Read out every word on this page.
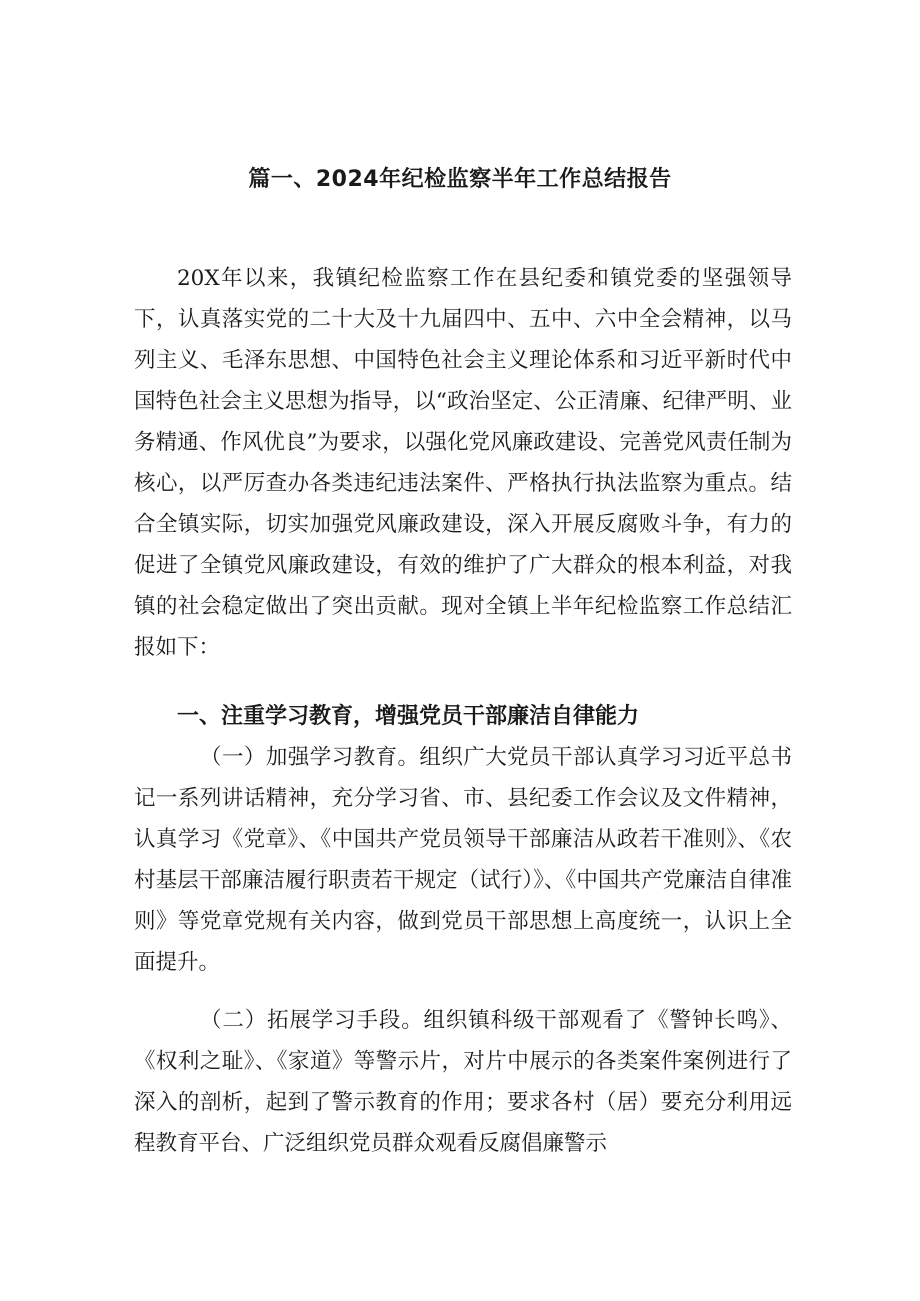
篇一、2024年纪检监察半年工作总结报告

20X年以来，我镇纪检监察工作在县纪委和镇党委的坚强领导下，认真落实党的二十大及十九届四中、五中、六中全会精神，以马列主义、毛泽东思想、中国特色社会主义理论体系和习近平新时代中国特色社会主义思想为指导，以“政治坚定、公正清廉、纪律严明、业务精通、作风优良”为要求，以强化党风廉政建设、完善党风责任制为核心，以严厉查办各类违纪违法案件、严格执行执法监察为重点。结合全镇实际，切实加强党风廉政建设，深入开展反腐败斗争，有力的促进了全镇党风廉政建设，有效的维护了广大群众的根本利益，对我镇的社会稳定做出了突出贡献。现对全镇上半年纪检监察工作总结汇报如下：

一、注重学习教育，增强党员干部廉洁自律能力

（一）加强学习教育。组织广大党员干部认真学习习近平总书记一系列讲话精神，充分学习省、市、县纪委工作会议及文件精神，认真学习《党章》、《中国共产党员领导干部廉洁从政若干准则》、《农村基层干部廉洁履行职责若干规定（试行）》、《中国共产党廉洁自律准则》等党章党规有关内容，做到党员干部思想上高度统一，认识上全面提升。

（二）拓展学习手段。组织镇科级干部观看了《警钟长鸣》、《权利之耻》、《家道》等警示片，对片中展示的各类案件案例进行了深入的剖析，起到了警示教育的作用；要求各村（居）要充分利用远程教育平台、广泛组织党员群众观看反腐倡廉警示
